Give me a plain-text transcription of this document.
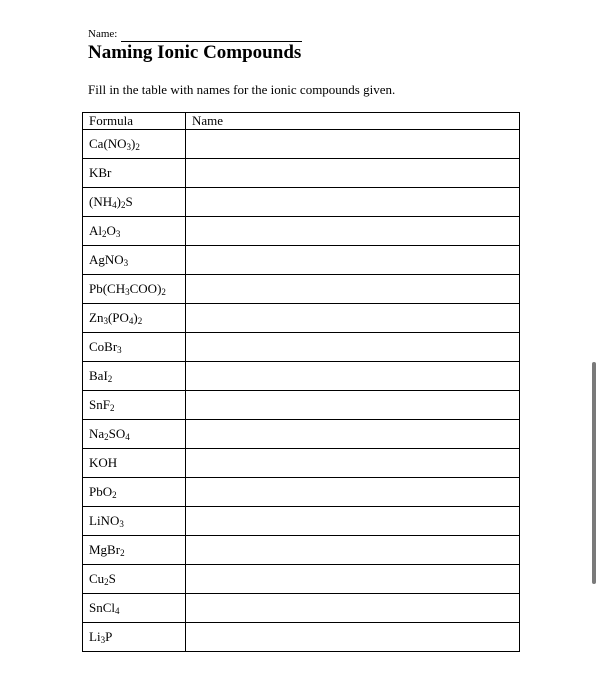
Name:
Naming Ionic Compounds

Fill in the table with names for the ionic compounds given.

Formula	Name
$Ca(NO_3)_2$	
KBr	
$(NH_4)_2S$	
$Al_2O_3$	
AgNO$_3$	
$Pb(CH_3COO)_2$	
$Zn_3(PO_4)_2$	
CoBr$_3$	
BaI$_2$	
SnF$_2$	
$Na_2SO_4$	
KOH	
PbO$_2$	
LiNO$_3$	
MgBr$_2$	
$Cu_2S$	
SnCl$_4$	
$Li_3P$	
